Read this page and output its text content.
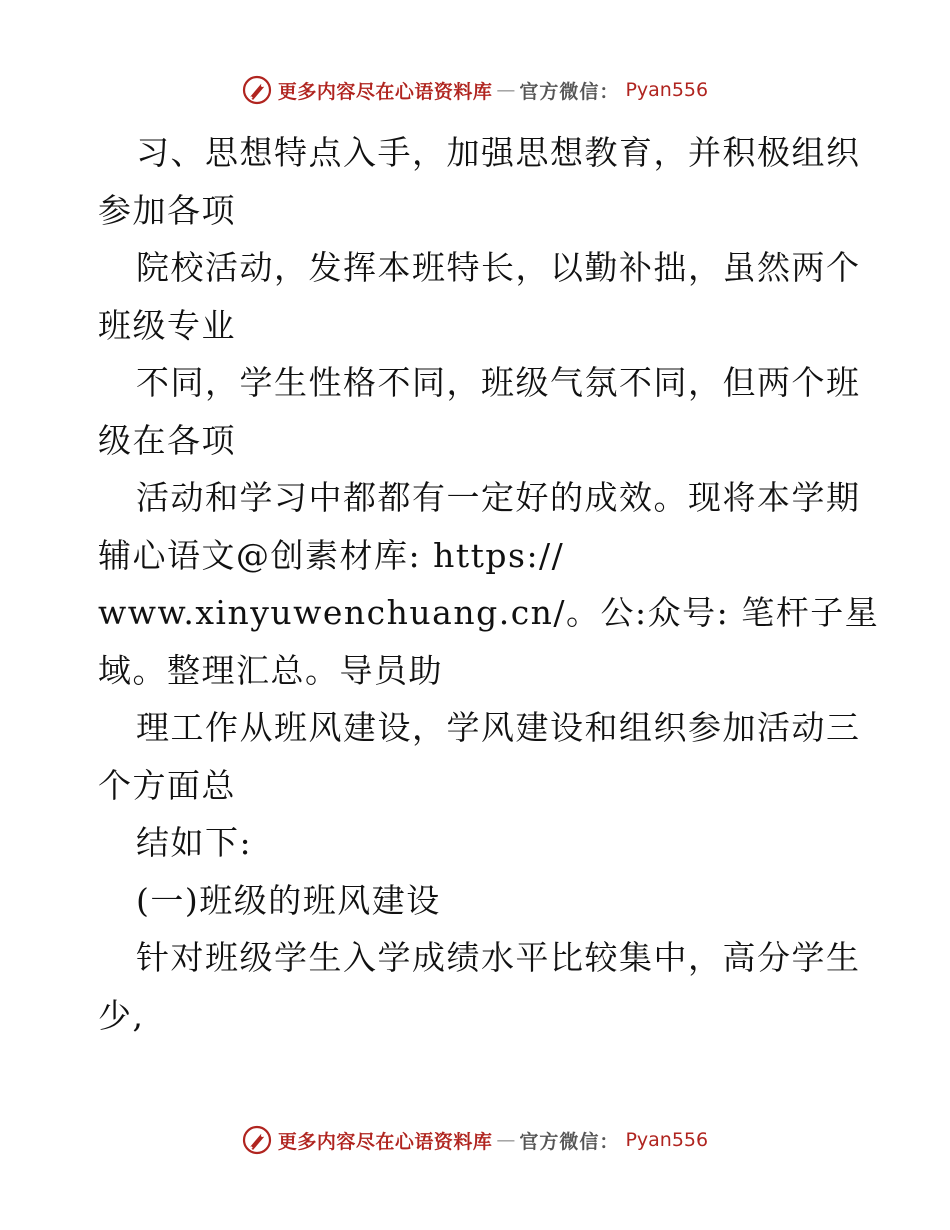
更多内容尽在心语资料库 — 官方微信： Pyan556
习、思想特点入手，加强思想教育，并积极组织
参加各项
院校活动，发挥本班特长，以勤补拙，虽然两个
班级专业
不同，学生性格不同，班级气氛不同，但两个班
级在各项
活动和学习中都都有一定好的成效。现将本学期
辅心语文@创素材库: https://
www.xinyuwenchuang.cn/。公:众号: 笔杆子星
域。整理汇总。导员助
理工作从班风建设，学风建设和组织参加活动三
个方面总
结如下:
(一)班级的班风建设
针对班级学生入学成绩水平比较集中，高分学生
少,
更多内容尽在心语资料库 — 官方微信： Pyan556
